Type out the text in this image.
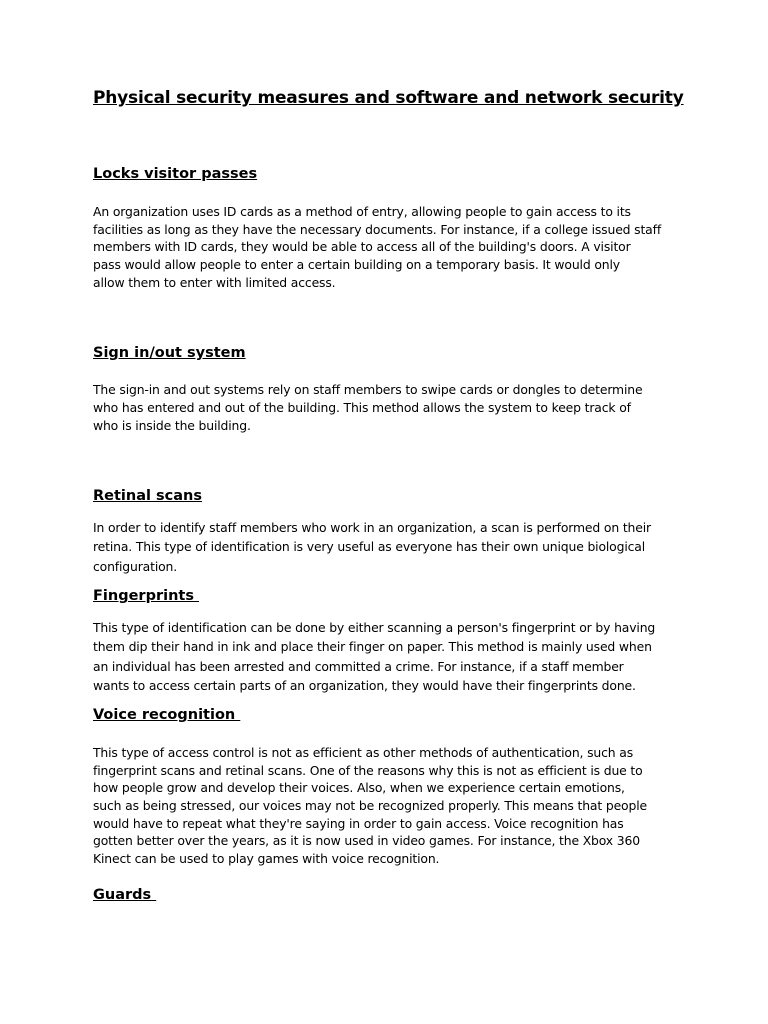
Physical security measures and software and network security
Locks visitor passes
An organization uses ID cards as a method of entry, allowing people to gain access to its
facilities as long as they have the necessary documents. For instance, if a college issued staff
members with ID cards, they would be able to access all of the building's doors. A visitor
pass would allow people to enter a certain building on a temporary basis. It would only
allow them to enter with limited access.
Sign in/out system
The sign-in and out systems rely on staff members to swipe cards or dongles to determine
who has entered and out of the building. This method allows the system to keep track of
who is inside the building.
Retinal scans
In order to identify staff members who work in an organization, a scan is performed on their
retina. This type of identification is very useful as everyone has their own unique biological
configuration.
Fingerprints
This type of identification can be done by either scanning a person's fingerprint or by having
them dip their hand in ink and place their finger on paper. This method is mainly used when
an individual has been arrested and committed a crime. For instance, if a staff member
wants to access certain parts of an organization, they would have their fingerprints done.
Voice recognition
This type of access control is not as efficient as other methods of authentication, such as
fingerprint scans and retinal scans. One of the reasons why this is not as efficient is due to
how people grow and develop their voices. Also, when we experience certain emotions,
such as being stressed, our voices may not be recognized properly. This means that people
would have to repeat what they're saying in order to gain access. Voice recognition has
gotten better over the years, as it is now used in video games. For instance, the Xbox 360
Kinect can be used to play games with voice recognition.
Guards
